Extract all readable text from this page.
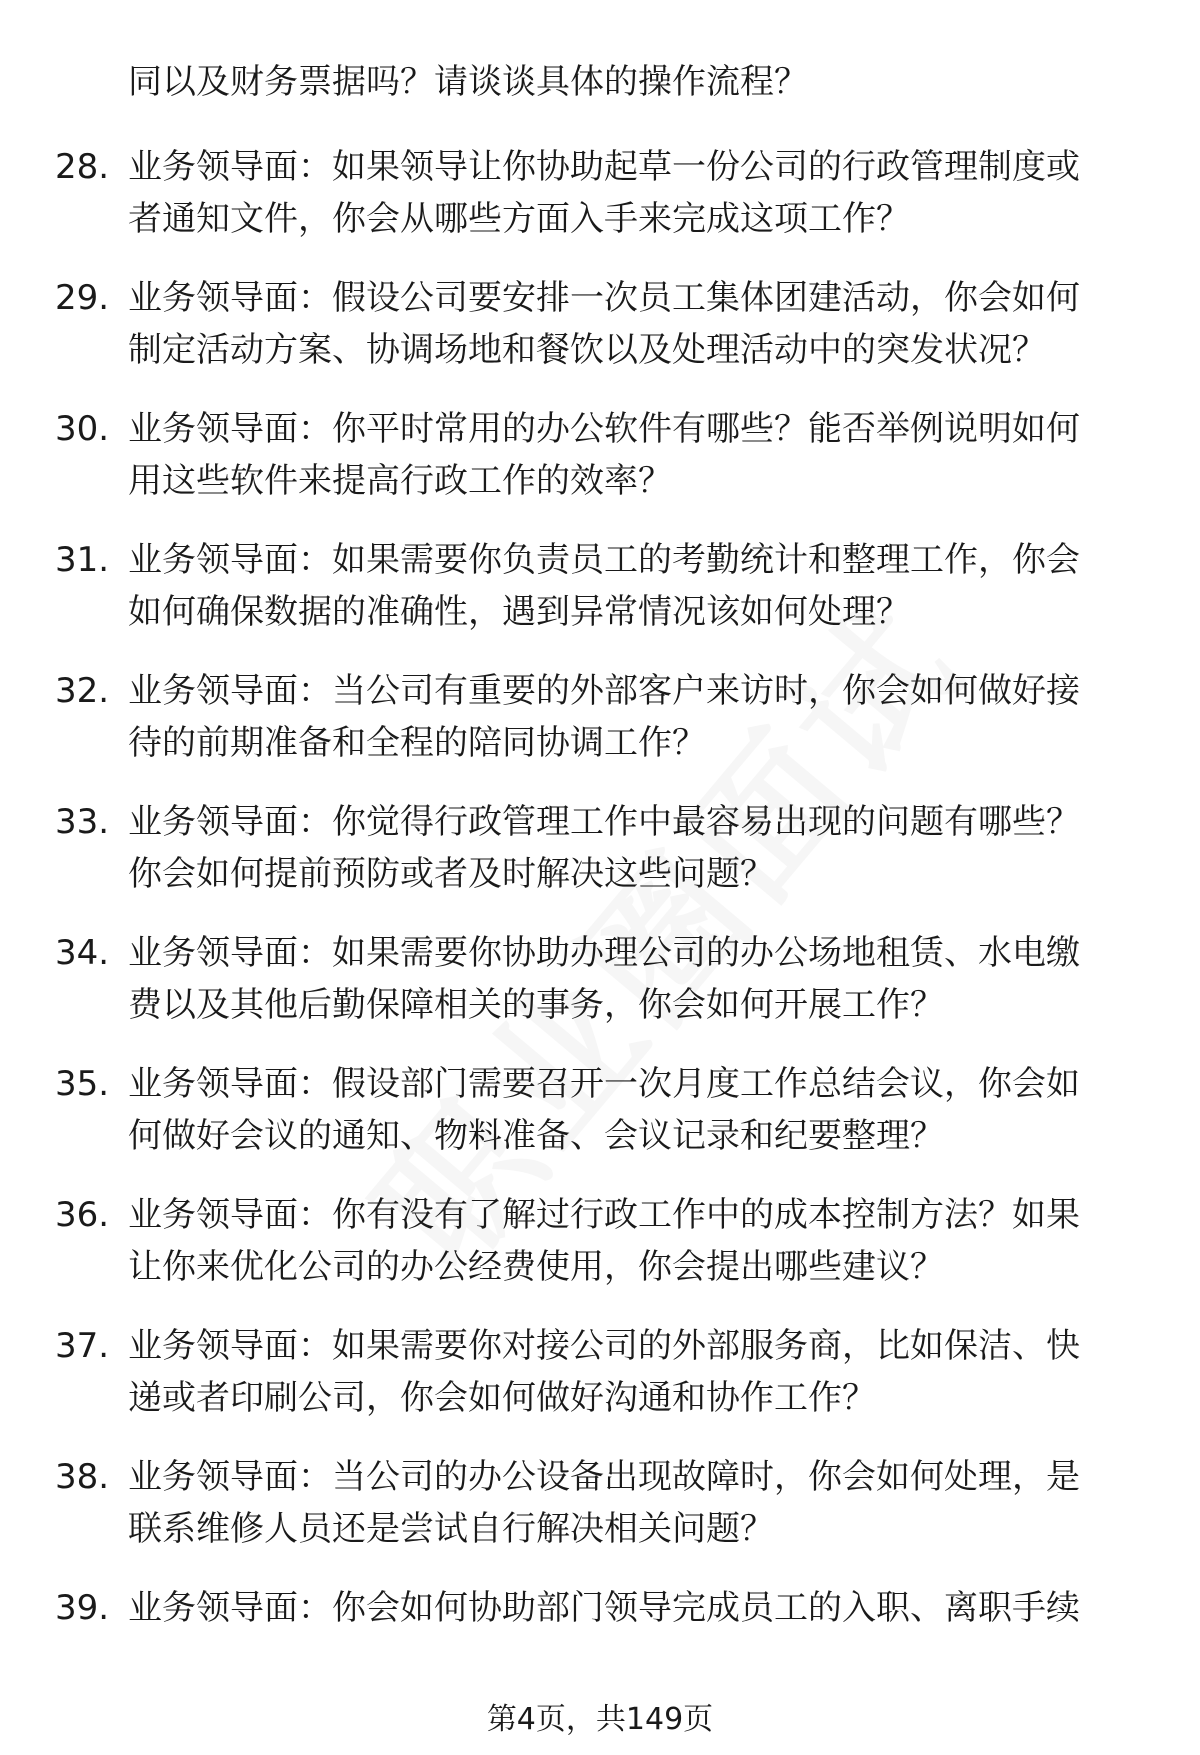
同以及财务票据吗？请谈谈具体的操作流程？
28. 业务领导面：如果领导让你协助起草一份公司的行政管理制度或
者通知文件，你会从哪些方面入手来完成这项工作？
29. 业务领导面：假设公司要安排一次员工集体团建活动，你会如何
制定活动方案、协调场地和餐饮以及处理活动中的突发状况？
30. 业务领导面：你平时常用的办公软件有哪些？能否举例说明如何
用这些软件来提高行政工作的效率？
31. 业务领导面：如果需要你负责员工的考勤统计和整理工作，你会
如何确保数据的准确性，遇到异常情况该如何处理？
32. 业务领导面：当公司有重要的外部客户来访时，你会如何做好接
待的前期准备和全程的陪同协调工作？
33. 业务领导面：你觉得行政管理工作中最容易出现的问题有哪些？
你会如何提前预防或者及时解决这些问题？
34. 业务领导面：如果需要你协助办理公司的办公场地租赁、水电缴
费以及其他后勤保障相关的事务，你会如何开展工作？
35. 业务领导面：假设部门需要召开一次月度工作总结会议，你会如
何做好会议的通知、物料准备、会议记录和纪要整理？
36. 业务领导面：你有没有了解过行政工作中的成本控制方法？如果
让你来优化公司的办公经费使用，你会提出哪些建议？
37. 业务领导面：如果需要你对接公司的外部服务商，比如保洁、快
递或者印刷公司，你会如何做好沟通和协作工作？
38. 业务领导面：当公司的办公设备出现故障时，你会如何处理，是
联系维修人员还是尝试自行解决相关问题？
39. 业务领导面：你会如何协助部门领导完成员工的入职、离职手续
第4页，共149页
